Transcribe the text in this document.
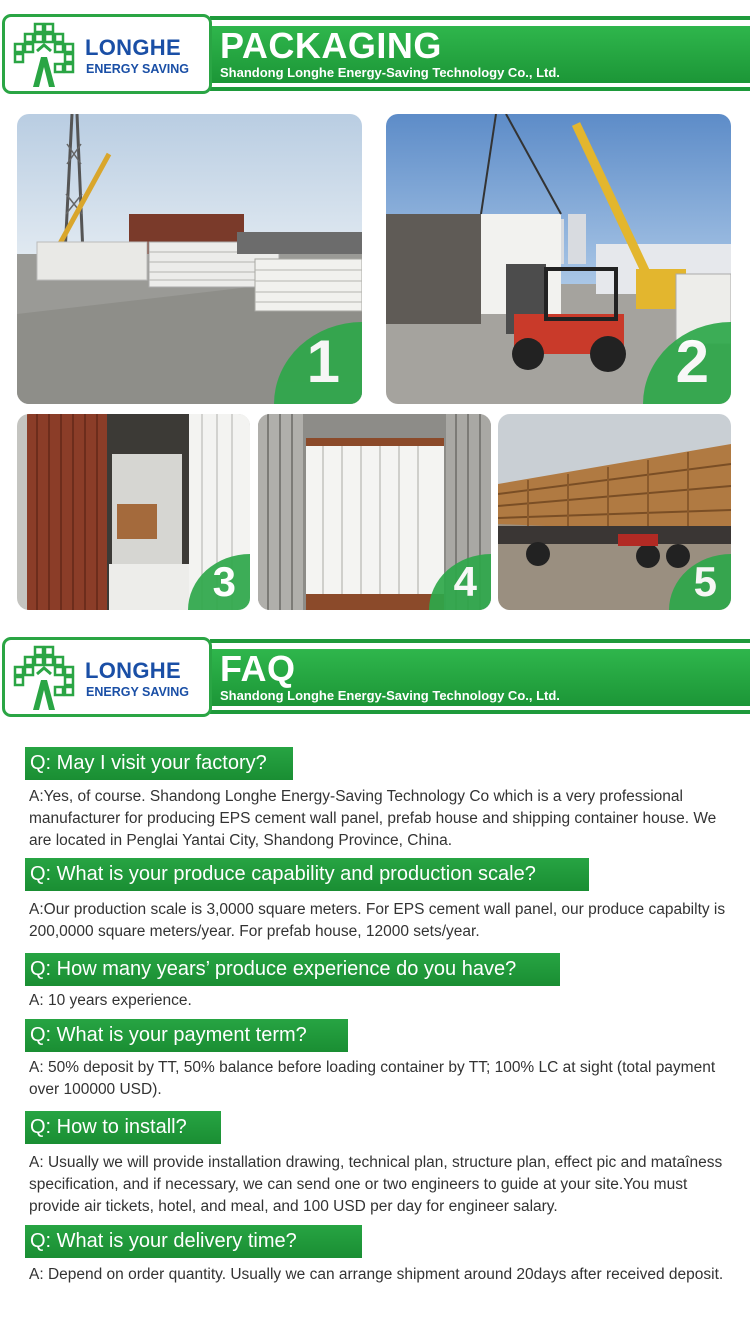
PACKAGING
Shandong Longhe Energy-Saving Technology Co., Ltd.
LONGHE
ENERGY SAVING
1	2
3	4	5
FAQ
Shandong Longhe Energy-Saving Technology Co., Ltd.
LONGHE
ENERGY SAVING
Q: May I visit your factory?
A:Yes, of course. Shandong Longhe Energy-Saving Technology Co which is a very professional manufacturer for producing EPS cement wall panel, prefab house and shipping container house. We are located in Penglai Yantai City, Shandong Province, China.
Q: What is your produce capability and production scale?
A:Our production scale is 3,0000 square meters. For EPS cement wall panel, our produce capabilty is 200,0000 square meters/year. For prefab house, 12000 sets/year.
Q: How many years’ produce experience do you have?
A: 10 years experience.
Q: What is your payment term?
A: 50% deposit by TT, 50% balance before loading container by TT; 100% LC at sight (total payment over 100000 USD).
Q: How to install?
A: Usually we will provide installation drawing, technical plan, structure plan, effect pic and mataîness specification, and if necessary, we can send one or two engineers to guide at your site.You must provide air tickets, hotel, and meal, and 100 USD per day for engineer salary.
Q: What is your delivery time?
A: Depend on order quantity. Usually we can arrange shipment around 20days after received deposit.
